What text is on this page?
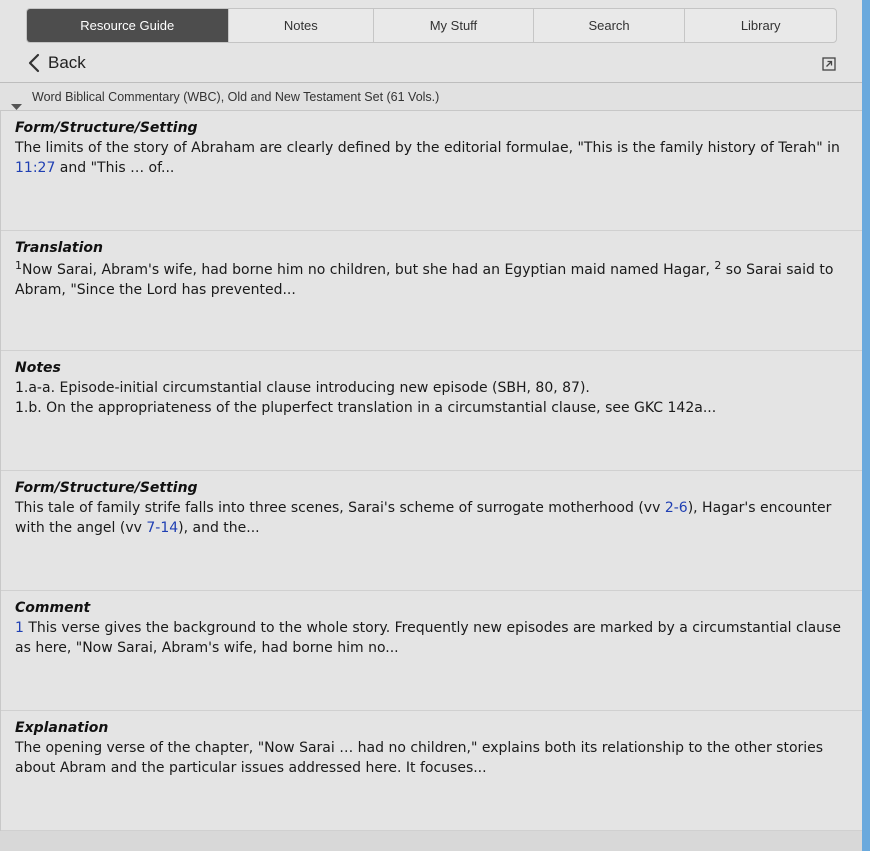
Resource Guide	Notes	My Stuff	Search	Library
Back
Word Biblical Commentary (WBC), Old and New Testament Set (61 Vols.)
Form/Structure/Setting
The limits of the story of Abraham are clearly defined by the editorial formulae, "This is the family history of Terah" in
11:27 and "This … of...
Translation
$^1$Now Sarai, Abram's wife, had borne him no children, but she had an Egyptian maid named Hagar, $^2$ so Sarai said to
Abram, "Since the Lord has prevented...
Notes
1.a-a. Episode-initial circumstantial clause introducing new episode (SBH, 80, 87).
1.b. On the appropriateness of the pluperfect translation in a circumstantial clause, see GKC 142a...
Form/Structure/Setting
This tale of family strife falls into three scenes, Sarai's scheme of surrogate motherhood (vv 2-6), Hagar's encounter
with the angel (vv 7-14), and the...
Comment
1 This verse gives the background to the whole story. Frequently new episodes are marked by a circumstantial clause
as here, "Now Sarai, Abram's wife, had borne him no...
Explanation
The opening verse of the chapter, "Now Sarai … had no children," explains both its relationship to the other stories
about Abram and the particular issues addressed here. It focuses...
